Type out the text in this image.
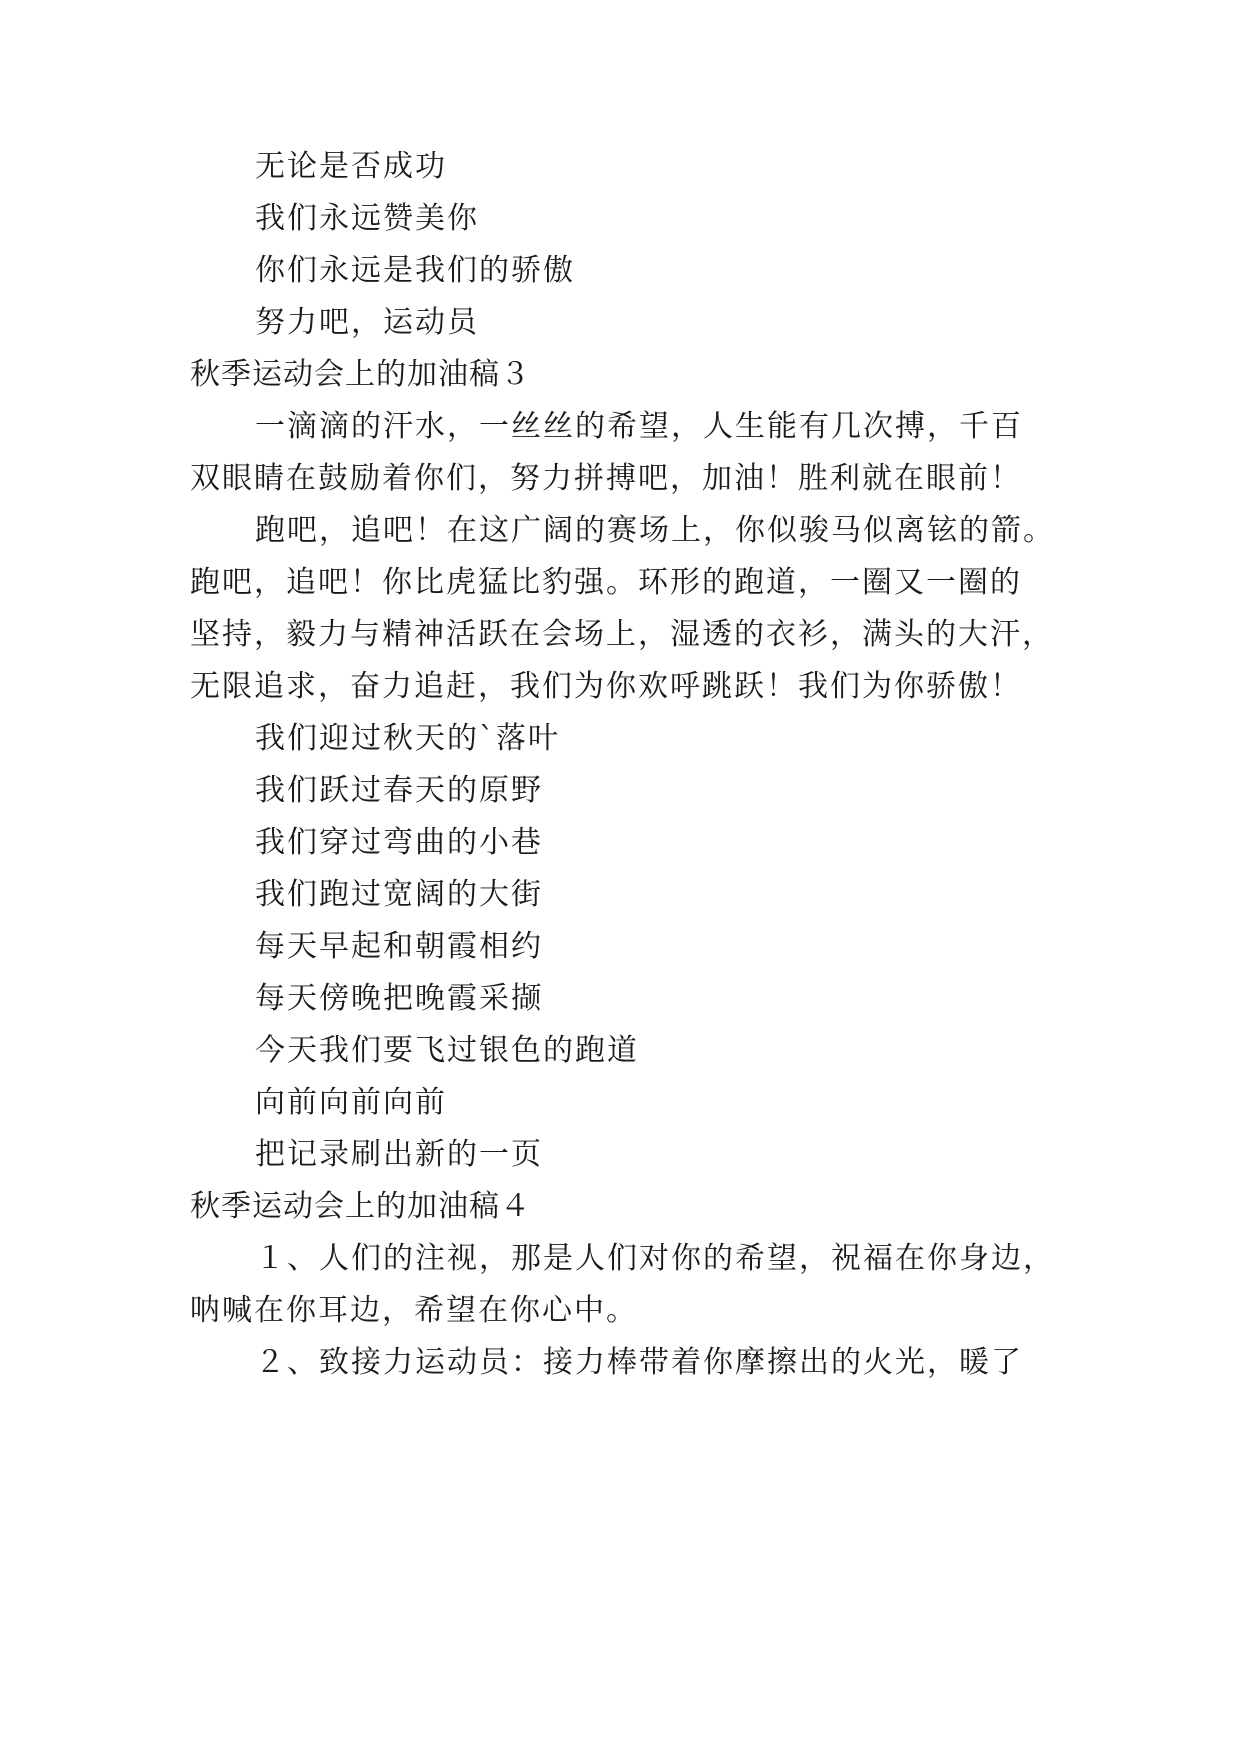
无论是否成功
我们永远赞美你
你们永远是我们的骄傲
努力吧，运动员
秋季运动会上的加油稿３
一滴滴的汗水，一丝丝的希望，人生能有几次搏，千百
双眼睛在鼓励着你们，努力拼搏吧，加油！胜利就在眼前！
跑吧，追吧！在这广阔的赛场上，你似骏马似离铉的箭。
跑吧，追吧！你比虎猛比豹强。环形的跑道，一圈又一圈的
坚持，毅力与精神活跃在会场上，湿透的衣衫，满头的大汗，
无限追求，奋力追赶，我们为你欢呼跳跃！我们为你骄傲！
我们迎过秋天的`落叶
我们跃过春天的原野
我们穿过弯曲的小巷
我们跑过宽阔的大街
每天早起和朝霞相约
每天傍晚把晚霞采撷
今天我们要飞过银色的跑道
向前向前向前
把记录刷出新的一页
秋季运动会上的加油稿４
１、人们的注视，那是人们对你的希望，祝福在你身边，
呐喊在你耳边，希望在你心中。
２、致接力运动员：接力棒带着你摩擦出的火光，暖了
